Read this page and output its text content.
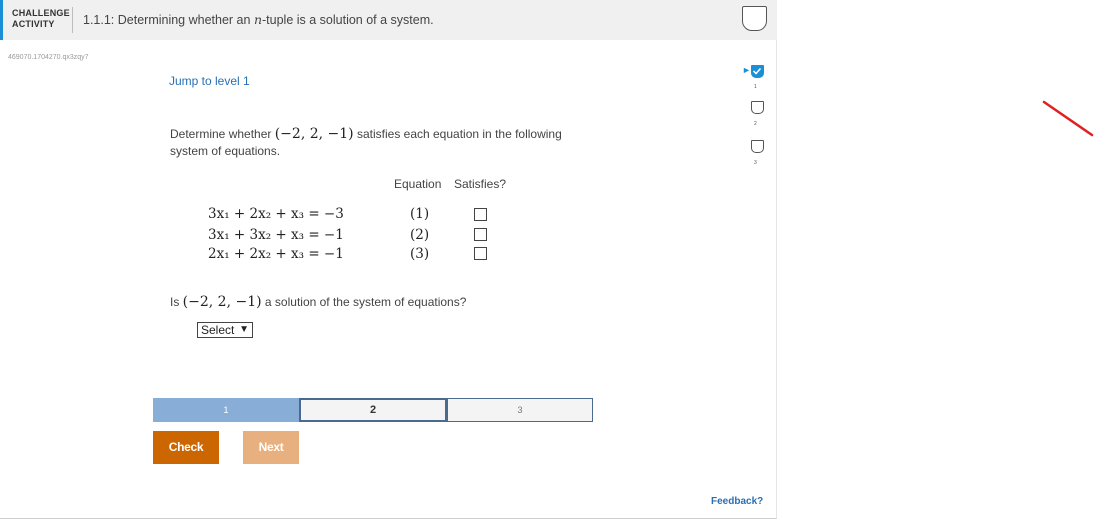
CHALLENGE
ACTIVITY	1.1.1: Determining whether an n-tuple is a solution of a system.
469070.1704270.qx3zqy7
Jump to level 1
Determine whether (−2, 2, −1) satisfies each equation in the following system of equations.
Equation Satisfies?
3x₁ + 2x₂ + x₃ = −3	(1)
3x₁ + 3x₂ + x₃ = −1	(2)
2x₁ + 2x₂ + x₃ = −1	(3)
Is (−2, 2, −1) a solution of the system of equations?
Select ▼
1	2	3
Check	Next
Feedback?
►
1
2
3
